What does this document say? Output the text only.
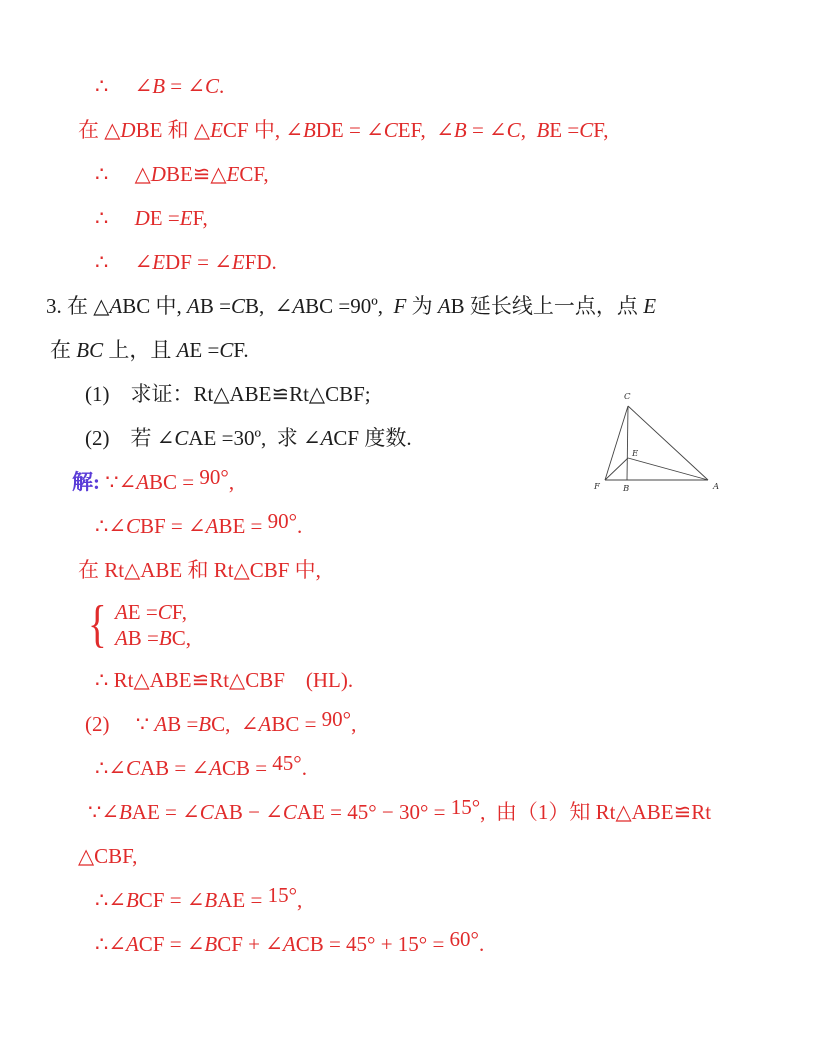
∴     ∠B = ∠C.
在 △DBE 和 △ECF 中, ∠BDE = ∠CEF,  ∠B = ∠C,  BE =CF,
∴     △DBE≌△ECF,
∴     DE =EF,
∴     ∠EDF = ∠EFD.
3. 在 △ABC 中, AB =CB,  ∠ABC =90º,  F 为 AB 延长线上一点，点 E
在 BC 上，且 AE =CF.
(1)    求证：Rt△ABE≌Rt△CBF;
(2)    若 ∠CAE =30º,  求 ∠ACF 度数.
解: ∵∠ABC = 90°,
∴∠CBF = ∠ABE = 90°.
在 Rt△ABE 和 Rt△CBF 中,
{ AE =CF,
AB =BC,
∴ Rt△ABE≌Rt△CBF    (HL).
(2)     ∵ AB =BC,  ∠ABC = 90°,
∴∠CAB = ∠ACB = 45°.
∵∠BAE = ∠CAB − ∠CAE = 45° − 30° = 15°,  由（1）知 Rt△ABE≌Rt
△CBF,
∴∠BCF = ∠BAE = 15°,
∴∠ACF = ∠BCF + ∠ACB = 45° + 15° = 60°.
C
F	B	A
E
